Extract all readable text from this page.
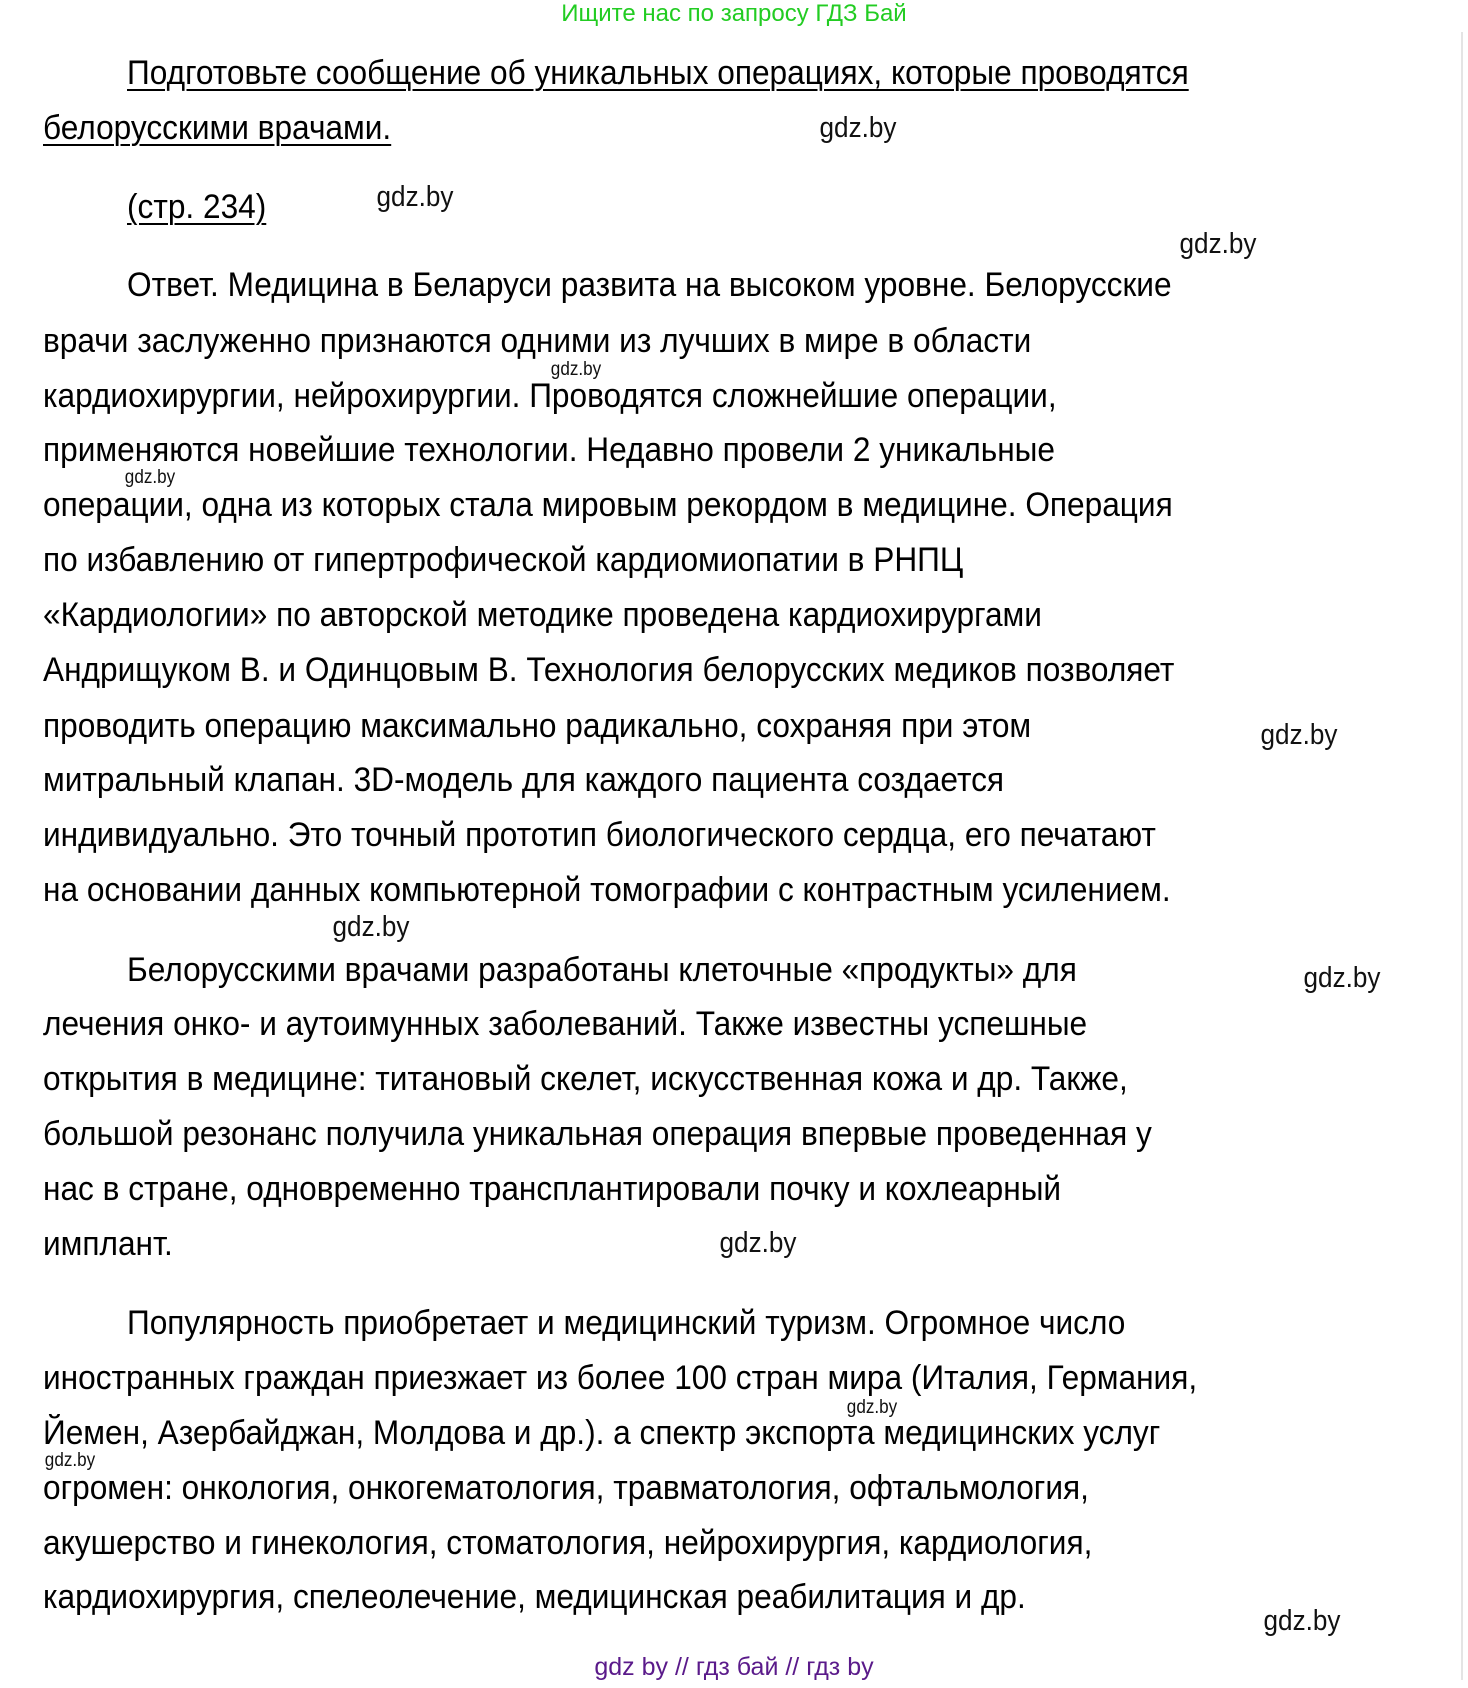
Ищите нас по запросу ГДЗ Бай
Подготовьте сообщение об уникальных операциях, которые проводятся
белорусскими врачами.
(стр. 234)
Ответ. Медицина в Беларуси развита на высоком уровне. Белорусские
врачи заслуженно признаются одними из лучших в мире в области
кардиохирургии, нейрохирургии. Проводятся сложнейшие операции,
применяются новейшие технологии. Недавно провели 2 уникальные
операции, одна из которых стала мировым рекордом в медицине. Операция
по избавлению от гипертрофической кардиомиопатии в РНПЦ
«Кардиологии» по авторской методике проведена кардиохирургами
Андрищуком В. и Одинцовым В. Технология белорусских медиков позволяет
проводить операцию максимально радикально, сохраняя при этом
митральный клапан. 3D-модель для каждого пациента создается
индивидуально. Это точный прототип биологического сердца, его печатают
на основании данных компьютерной томографии с контрастным усилением.
Белорусскими врачами разработаны клеточные «продукты» для
лечения онко- и аутоимунных заболеваний. Также известны успешные
открытия в медицине: титановый скелет, искусственная кожа и др. Также,
большой резонанс получила уникальная операция впервые проведенная у
нас в стране, одновременно трансплантировали почку и кохлеарный
имплант.
Популярность приобретает и медицинский туризм. Огромное число
иностранных граждан приезжает из более 100 стран мира (Италия, Германия,
Йемен, Азербайджан, Молдова и др.). а спектр экспорта медицинских услуг
огромен: онкология, онкогематология, травматология, офтальмология,
акушерство и гинекология, стоматология, нейрохирургия, кардиология,
кардиохирургия, спелеолечение, медицинская реабилитация и др.
gdz.by
gdz.by
gdz.by
gdz.by
gdz.by
gdz.by
gdz.by
gdz.by
gdz.by
gdz.by
gdz.by
gdz.by
gdz by // гдз бай // гдз by
